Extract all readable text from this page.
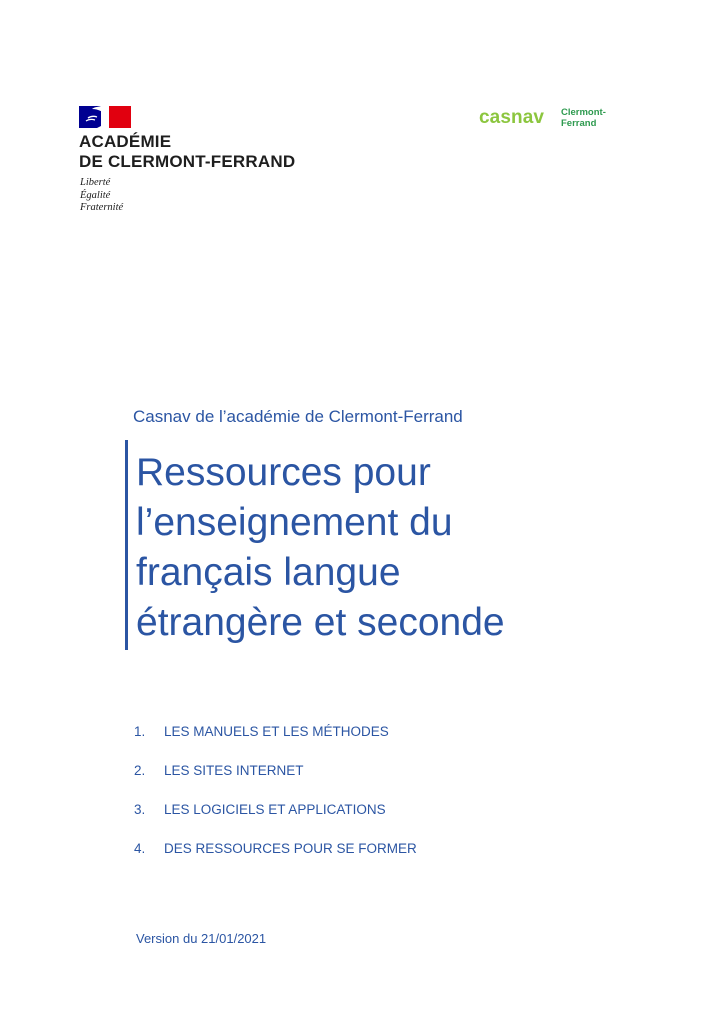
ACADÉMIE
DE CLERMONT-FERRAND
Liberté
Égalité
Fraternité
casnav Clermont-
Ferrand
Casnav de l’académie de Clermont-Ferrand
Ressources pour
l’enseignement du
français langue
étrangère et seconde
1. LES MANUELS ET LES MÉTHODES
2. LES SITES INTERNET
3. LES LOGICIELS ET APPLICATIONS
4. DES RESSOURCES POUR SE FORMER
Version du 21/01/2021
